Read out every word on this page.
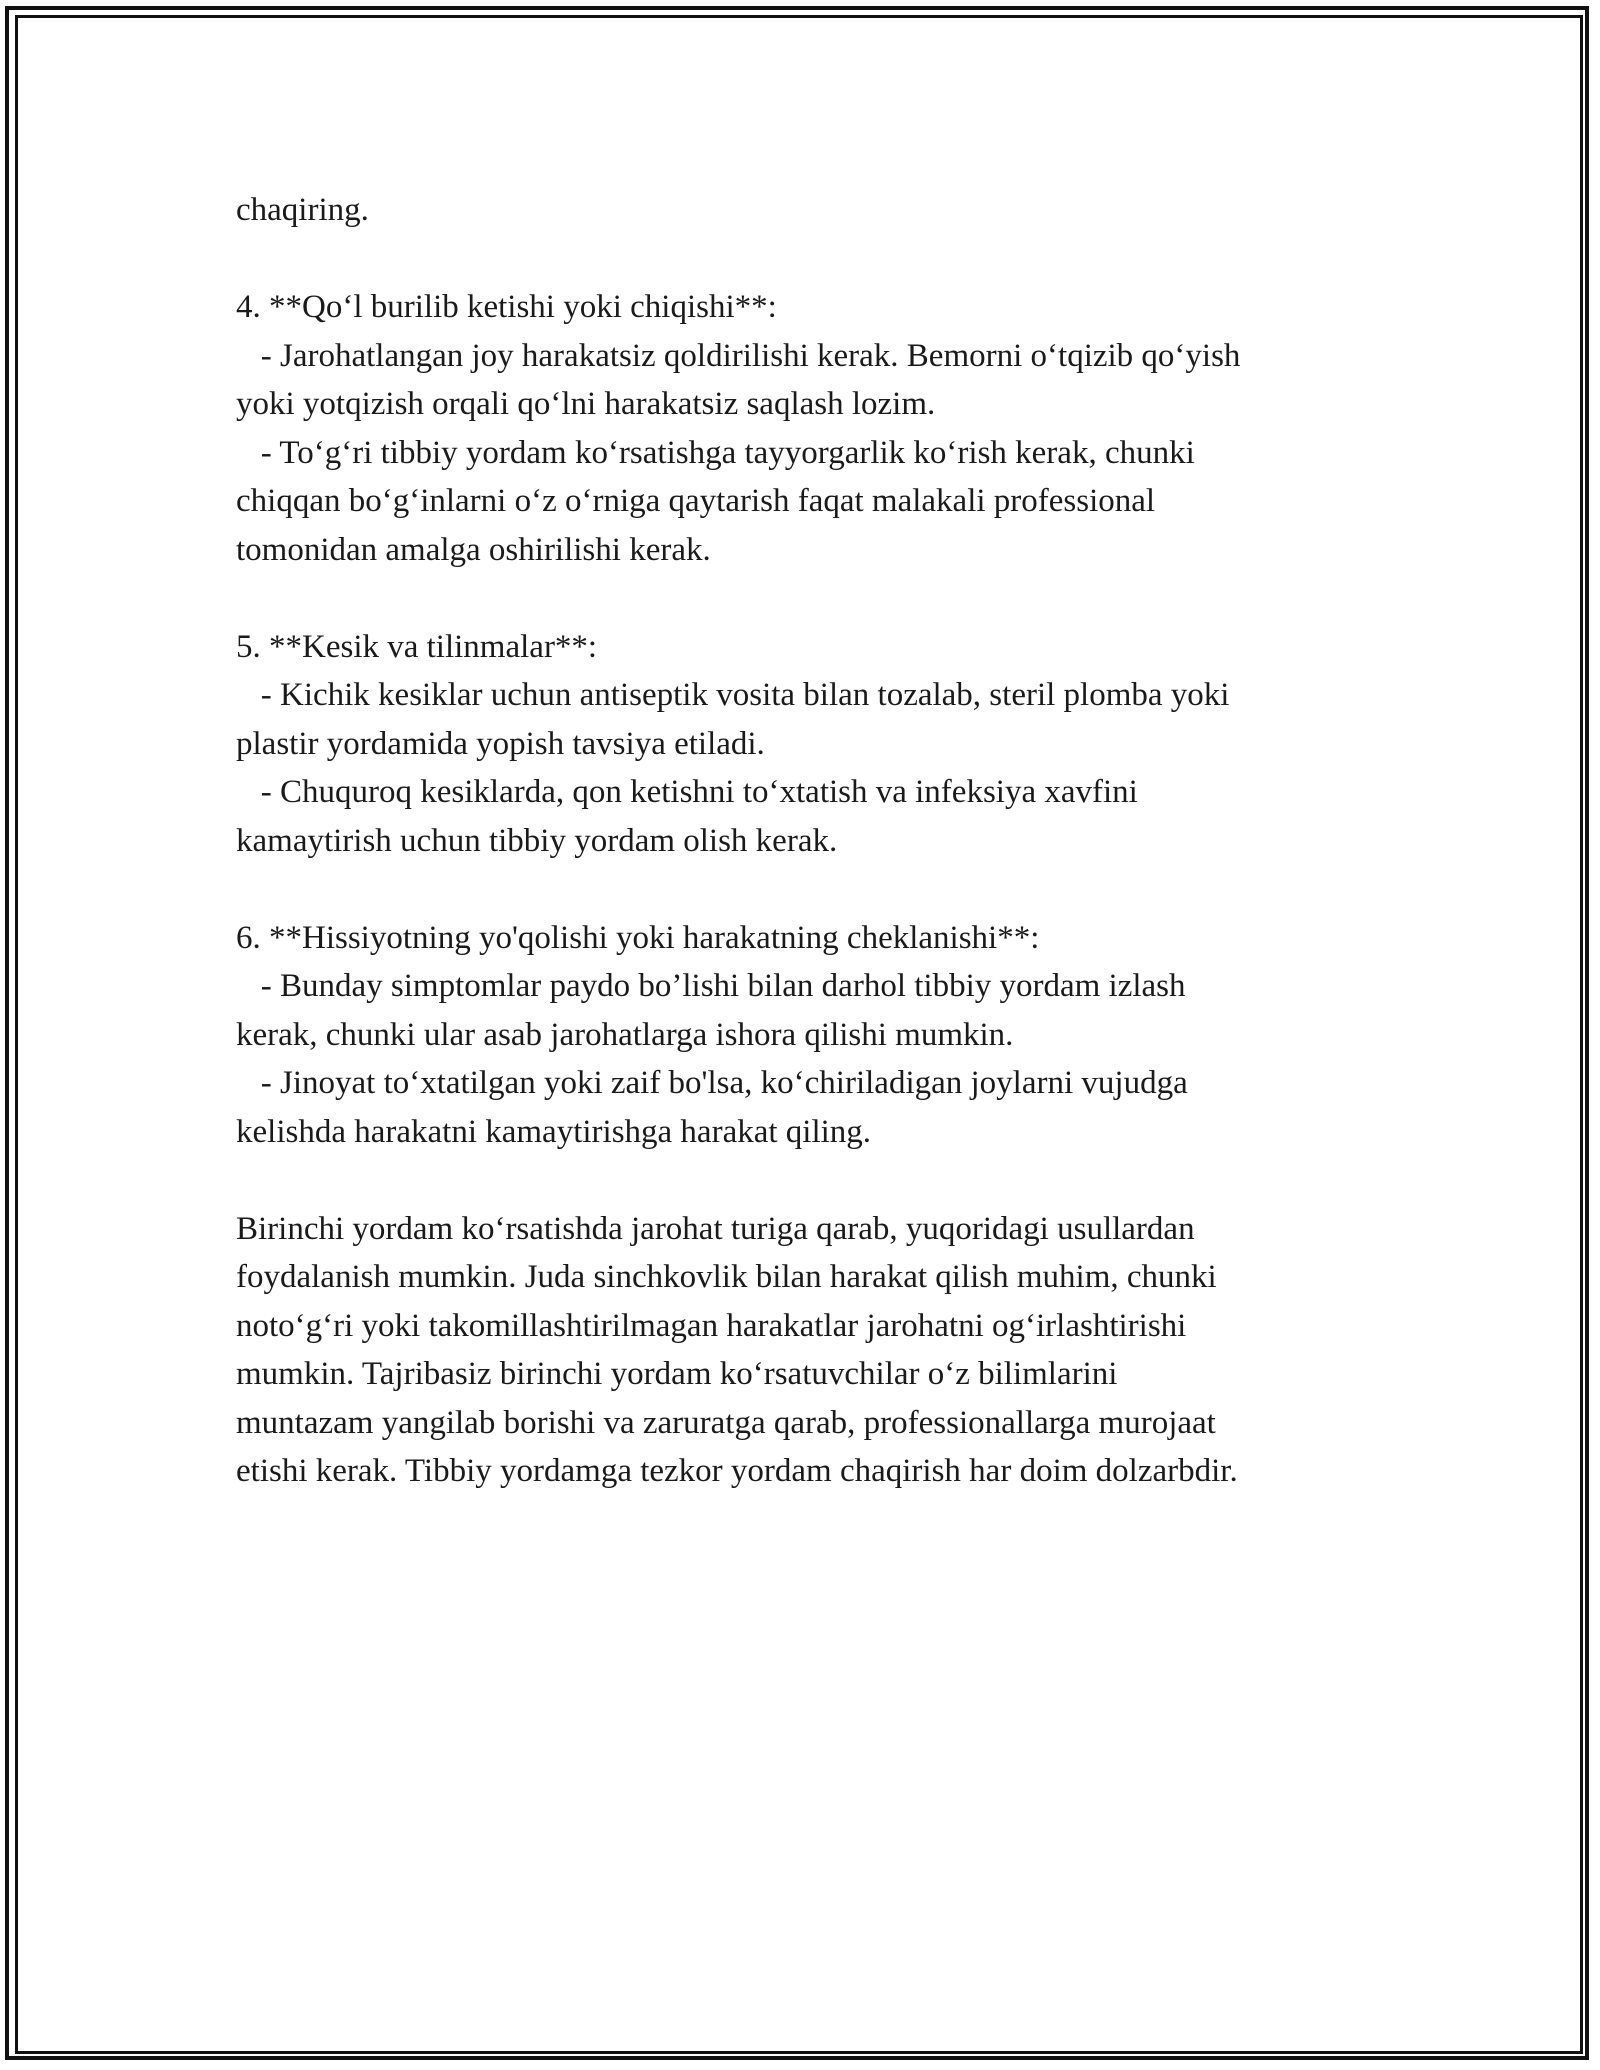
chaqiring.
4. **Qo‘l burilib ketishi yoki chiqishi**:
- Jarohatlangan joy harakatsiz qoldirilishi kerak. Bemorni o‘tqizib qo‘yish
yoki yotqizish orqali qo‘lni harakatsiz saqlash lozim.
- To‘g‘ri tibbiy yordam ko‘rsatishga tayyorgarlik ko‘rish kerak, chunki
chiqqan bo‘g‘inlarni o‘z o‘rniga qaytarish faqat malakali professional
tomonidan amalga oshirilishi kerak.
5. **Kesik va tilinmalar**:
- Kichik kesiklar uchun antiseptik vosita bilan tozalab, steril plomba yoki
plastir yordamida yopish tavsiya etiladi.
- Chuquroq kesiklarda, qon ketishni to‘xtatish va infeksiya xavfini
kamaytirish uchun tibbiy yordam olish kerak.
6. **Hissiyotning yo'qolishi yoki harakatning cheklanishi**:
- Bunday simptomlar paydo bo’lishi bilan darhol tibbiy yordam izlash
kerak, chunki ular asab jarohatlarga ishora qilishi mumkin.
- Jinoyat to‘xtatilgan yoki zaif bo'lsa, ko‘chiriladigan joylarni vujudga
kelishda harakatni kamaytirishga harakat qiling.
Birinchi yordam ko‘rsatishda jarohat turiga qarab, yuqoridagi usullardan
foydalanish mumkin. Juda sinchkovlik bilan harakat qilish muhim, chunki
noto‘g‘ri yoki takomillashtirilmagan harakatlar jarohatni og‘irlashtirishi
mumkin. Tajribasiz birinchi yordam ko‘rsatuvchilar o‘z bilimlarini
muntazam yangilab borishi va zaruratga qarab, professionallarga murojaat
etishi kerak. Tibbiy yordamga tezkor yordam chaqirish har doim dolzarbdir.
